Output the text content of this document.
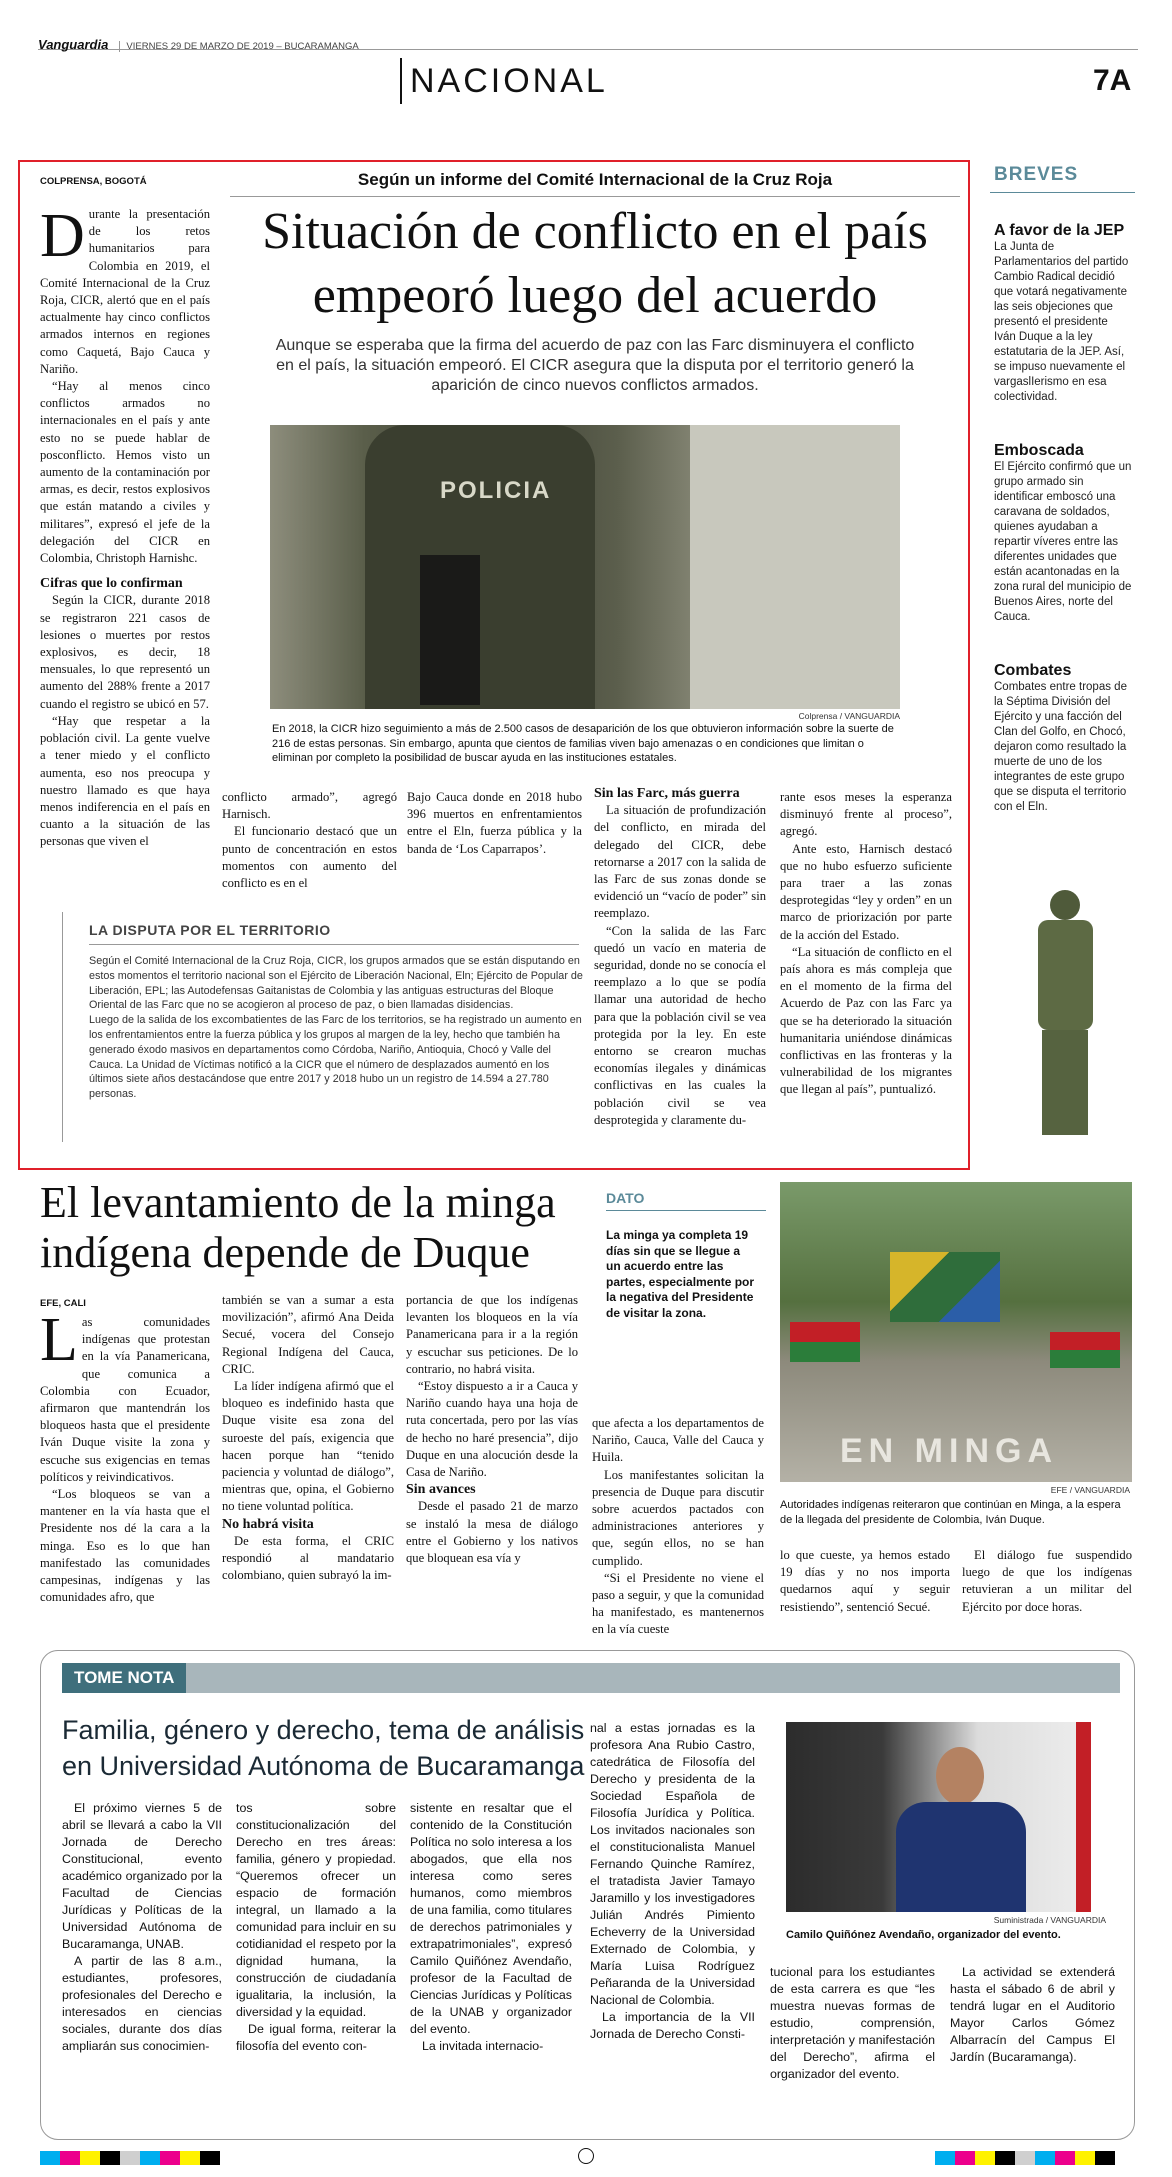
Vanguardia VIERNES 29 DE MARZO DE 2019 – BUCARAMANGA
NACIONAL	7A
COLPRENSA, BOGOTÁ	Según un informe del Comité Internacional de la Cruz Roja
Situación de conflicto en el país
empeoró luego del acuerdo
Aunque se esperaba que la firma del acuerdo de paz con las Farc disminuyera el conflicto en el país, la situación empeoró. El CICR asegura que la disputa por el territorio generó la aparición de cinco nuevos conflictos armados.
D urante la presentación de los retos humanitarios para Colombia en 2019, el Comité Internacional de la Cruz Roja, CICR, alertó que en el país actualmente hay cinco conflictos armados internos en regiones como Caquetá, Bajo Cauca y Nariño.

“Hay al menos cinco conflictos armados no internacionales en el país y ante esto no se puede hablar de posconflicto. Hemos visto un aumento de la contaminación por armas, es decir, restos explosivos que están matando a civiles y militares”, expresó el jefe de la delegación del CICR en Colombia, Christoph Harnishc.

Cifras que lo confirman

Según la CICR, durante 2018 se registraron 221 casos de lesiones o muertes por restos explosivos, es decir, 18 mensuales, lo que representó un aumento del 288% frente a 2017 cuando el registro se ubicó en 57.

“Hay que respetar a la población civil. La gente vuelve a tener miedo y el conflicto aumenta, eso nos preocupa y nuestro llamado es que haya menos indiferencia en el país en cuanto a la situación de las personas que viven el

POLICIA
Colprensa / VANGUARDIA
En 2018, la CICR hizo seguimiento a más de 2.500 casos de desaparición de los que obtuvieron información sobre la suerte de 216 de estas personas. Sin embargo, apunta que cientos de familias viven bajo amenazas o en condiciones que limitan o eliminan por completo la posibilidad de buscar ayuda en las instituciones estatales.

conflicto armado”, agregó Harnisch.

El funcionario destacó que un punto de concentración en estos momentos con aumento del conflicto es en el

Bajo Cauca donde en 2018 hubo 396 muertos en enfrentamientos entre el Eln, fuerza pública y la banda de ‘Los Caparrapos’.

Sin las Farc, más guerra

La situación de profundización del conflicto, en mirada del delegado del CICR, debe retornarse a 2017 con la salida de las Farc de sus zonas donde se evidenció un “vacío de poder” sin reemplazo.

“Con la salida de las Farc quedó un vacío en materia de seguridad, donde no se conocía el reemplazo a lo que se podía llamar una autoridad de hecho para que la población civil se vea protegida por la ley. En este entorno se crearon muchas economías ilegales y dinámicas conflictivas en las cuales la población civil se vea desprotegida y claramente du-

rante esos meses la esperanza disminuyó frente al proceso”, agregó.

Ante esto, Harnisch destacó que no hubo esfuerzo suficiente para traer a las zonas desprotegidas “ley y orden” en un marco de priorización por parte de la acción del Estado.

“La situación de conflicto en el país ahora es más compleja que en el momento de la firma del Acuerdo de Paz con las Farc ya que se ha deteriorado la situación humanitaria uniéndose dinámicas conflictivas en las fronteras y la vulnerabilidad de los migrantes que llegan al país”, puntualizó.

LA DISPUTA POR EL TERRITORIO

Según el Comité Internacional de la Cruz Roja, CICR, los grupos armados que se están disputando en estos momentos el territorio nacional son el Ejército de Liberación Nacional, Eln; Ejército de Popular de Liberación, EPL; las Autodefensas Gaitanistas de Colombia y las antiguas estructuras del Bloque Oriental de las Farc que no se acogieron al proceso de paz, o bien llamadas disidencias.

Luego de la salida de los excombatientes de las Farc de los territorios, se ha registrado un aumento en los enfrentamientos entre la fuerza pública y los grupos al margen de la ley, hecho que también ha generado éxodo masivos en departamentos como Córdoba, Nariño, Antioquia, Chocó y Valle del Cauca. La Unidad de Víctimas notificó a la CICR que el número de desplazados aumentó en los últimos siete años destacándose que entre 2017 y 2018 hubo un un registro de 14.594 a 27.780 personas.

BREVES
A favor de la JEP
La Junta de Parlamentarios del partido Cambio Radical decidió que votará negativamente las seis objeciones que presentó el presidente Iván Duque a la ley estatutaria de la JEP. Así, se impuso nuevamente el vargaslIerismo en esa colectividad.
Emboscada
El Ejército confirmó que un grupo armado sin identificar emboscó una caravana de soldados, quienes ayudaban a repartir víveres entre las diferentes unidades que están acantonadas en la zona rural del municipio de Buenos Aires, norte del Cauca.
Combates
Combates entre tropas de la Séptima División del Ejército y una facción del Clan del Golfo, en Chocó, dejaron como resultado la muerte de uno de los integrantes de este grupo que se disputa el territorio con el Eln.
El levantamiento de la minga
indígena depende de Duque
EFE, CALI
L as comunidades indígenas que protestan en la vía Panamericana, que comunica a Colombia con Ecuador, afirmaron que mantendrán los bloqueos hasta que el presidente Iván Duque visite la zona y escuche sus exigencias en temas políticos y reivindicativos.

“Los bloqueos se van a mantener en la vía hasta que el Presidente nos dé la cara a la minga. Eso es lo que han manifestado las comunidades campesinas, indígenas y las comunidades afro, que

también se van a sumar a esta movilización”, afirmó Ana Deida Secué, vocera del Consejo Regional Indígena del Cauca, CRIC.

La líder indígena afirmó que el bloqueo es indefinido hasta que Duque visite esa zona del suroeste del país, exigencia que hacen porque han “tenido paciencia y voluntad de diálogo”, mientras que, opina, el Gobierno no tiene voluntad política.

No habrá visita

De esta forma, el CRIC respondió al mandatario colombiano, quien subrayó la im-

portancia de que los indígenas levanten los bloqueos en la vía Panamericana para ir a la región y escuchar sus peticiones. De lo contrario, no habrá visita.

“Estoy dispuesto a ir a Cauca y Nariño cuando haya una hoja de ruta concertada, pero por las vías de hecho no haré presencia”, dijo Duque en una alocución desde la Casa de Nariño.

Sin avances

Desde el pasado 21 de marzo se instaló la mesa de diálogo entre el Gobierno y los nativos que bloquean esa vía y

DATO
La minga ya completa 19 días sin que se llegue a un acuerdo entre las partes, especialmente por la negativa del Presidente de visitar la zona.

que afecta a los departamentos de Nariño, Cauca, Valle del Cauca y Huila.

Los manifestantes solicitan la presencia de Duque para discutir sobre acuerdos pactados con administraciones anteriores y que, según ellos, no se han cumplido.

“Si el Presidente no viene el paso a seguir, y que la comunidad ha manifestado, es mantenernos en la vía cueste

EN MINGA
EFE / VANGUARDIA
Autoridades indígenas reiteraron que continúan en Minga, a la espera de la llegada del presidente de Colombia, Iván Duque.

lo que cueste, ya hemos estado 19 días y no nos importa quedarnos aquí y seguir resistiendo”, sentenció Secué.

El diálogo fue suspendido luego de que los indígenas retuvieran a un militar del Ejército por doce horas.

TOME NOTA
Familia, género y derecho, tema de análisis
en Universidad Autónoma de Bucaramanga

El próximo viernes 5 de abril se llevará a cabo la VII Jornada de Derecho Constitucional, evento académico organizado por la Facultad de Ciencias Jurídicas y Políticas de la Universidad Autónoma de Bucaramanga, UNAB.

A partir de las 8 a.m., estudiantes, profesores, profesionales del Derecho e interesados en ciencias sociales, durante dos días ampliarán sus conocimien-

tos sobre constitucionalización del Derecho en tres áreas: familia, género y propiedad. “Queremos ofrecer un espacio de formación integral, un llamado a la comunidad para incluir en su cotidianidad el respeto por la dignidad humana, la construcción de ciudadanía igualitaria, la inclusión, la diversidad y la equidad.

De igual forma, reiterar la filosofía del evento con-

sistente en resaltar que el contenido de la Constitución Política no solo interesa a los abogados, que ella nos interesa como seres humanos, como miembros de una familia, como titulares de derechos patrimoniales y extrapatrimoniales”, expresó Camilo Quiñónez Avendaño, profesor de la Facultad de Ciencias Jurídicas y Políticas de la UNAB y organizador del evento.

La invitada internacio-

nal a estas jornadas es la profesora Ana Rubio Castro, catedrática de Filosofía del Derecho y presidenta de la Sociedad Española de Filosofía Jurídica y Política. Los invitados nacionales son el constitucionalista Manuel Fernando Quinche Ramírez, el tratadista Javier Tamayo Jaramillo y los investigadores Julián Andrés Pimiento Echeverry de la Universidad Externado de Colombia, y María Luisa Rodríguez Peñaranda de la Universidad Nacional de Colombia.

La importancia de la VII Jornada de Derecho Consti-

Suministrada / VANGUARDIA
Camilo Quiñónez Avendaño, organizador del evento.

tucional para los estudiantes de esta carrera es que “les muestra nuevas formas de estudio, comprensión, interpretación y manifestación del Derecho”, afirma el organizador del evento.

La actividad se extenderá hasta el sábado 6 de abril y tendrá lugar en el Auditorio Mayor Carlos Gómez Albarracín del Campus El Jardín (Bucaramanga).
